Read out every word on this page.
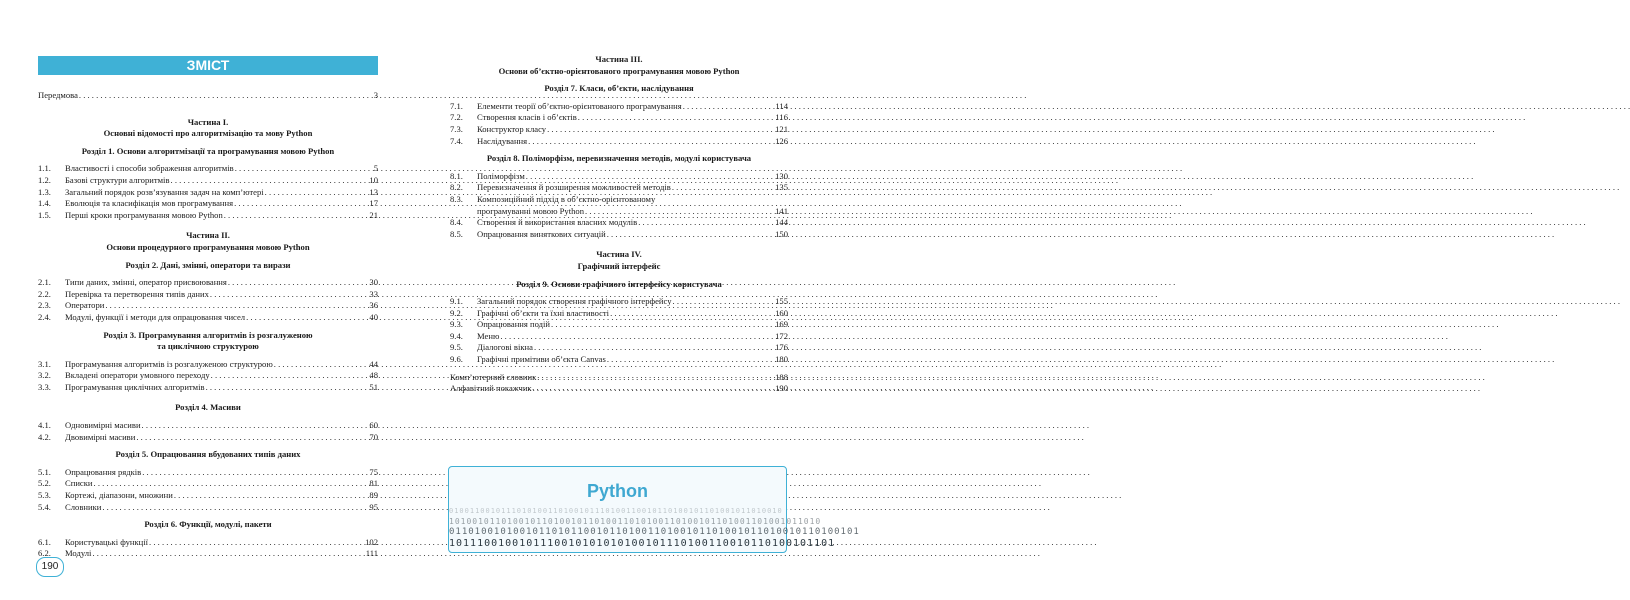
ЗМІСТ
Передмова . . .	3
Частина I.
Основні відомості про алгоритмізацію та мову Python
Розділ 1. Основи алгоритмізації та програмування мовою Python
1.1.	Властивості і способи зображення алгоритмів . . .	5
1.2.	Базові структури алгоритмів . . .	10
1.3.	Загальний порядок розв’язування задач на комп’ютері . . .	13
1.4.	Еволюція та класифікація мов програмування . . .	17
1.5.	Перші кроки програмування мовою Python . . .	21
Частина II.
Основи процедурного програмування мовою Python
Розділ 2. Дані, змінні, оператори та вирази
2.1.	Типи даних, змінні, оператор присвоювання . . .	30
2.2.	Перевірка та перетворення типів даних . . .	33
2.3.	Оператори . . .	36
2.4.	Модулі, функції і методи для опрацювання чисел . . .	40
Розділ 3. Програмування алгоритмів із розгалуженою
та циклічною структурою
3.1.	Програмування алгоритмів із розгалуженою структурою . . .	44
3.2.	Вкладені оператори умовного переходу . . .	48
3.3.	Програмування циклічних алгоритмів . . .	51
Розділ 4. Масиви
4.1.	Одновимірні масиви . . .	60
4.2.	Двовимірні масиви . . .	70
Розділ 5. Опрацювання вбудованих типів даних
5.1.	Опрацювання рядків . . .	75
5.2.	Списки . . .	81
5.3.	Кортежі, діапазони, множини . . .	89
5.4.	Словники . . .	95
Розділ 6. Функції, модулі, пакети
6.1.	Користувацькі функції . . .	102
6.2.	Модулі . . .	111
Частина III.
Основи об’єктно-орієнтованого програмування мовою Python
Розділ 7. Класи, об’єкти, наслідування
7.1.	Елементи теорії об’єктно-орієнтованого програмування . . .	114
7.2.	Створення класів і об’єктів . . .	116
7.3.	Конструктор класу . . .	121
7.4.	Наслідування . . .	126
Розділ 8. Поліморфізм, перевизначення методів, модулі користувача
8.1.	Поліморфізм . . .	130
8.2.	Перевизначення й розширення можливостей методів . . .	135
8.3.	Композиційний підхід в об’єктно-орієнтованому
програмуванні мовою Python . . .	141
8.4.	Створення й використання власних модулів . . .	144
8.5.	Опрацювання виняткових ситуацій . . .	150
Частина IV.
Графічний інтерфейс
Розділ 9. Основи графічного інтерфейсу користувача
9.1.	Загальний порядок створення графічного інтерфейсу . . .	155
9.2.	Графічні об’єкти та їхні властивості . . .	160
9.3.	Опрацювання подій . . .	169
9.4.	Меню . . .	172
9.5.	Діалогові вікна . . .	176
9.6.	Графічні примітиви об’єкта Canvas . . .	180
Комп’ютерний словник . . .	188
Алфавітний покажчик . . .	190
Python
0100110010111010100110100101110100110010110100101101001011010010
1010010110100101101001011010011010100110100101101001101001011010
0110100101001011010110010110100110100101101001011010010110100101
1011100100101110010101010100101110100110010110100101101
190
